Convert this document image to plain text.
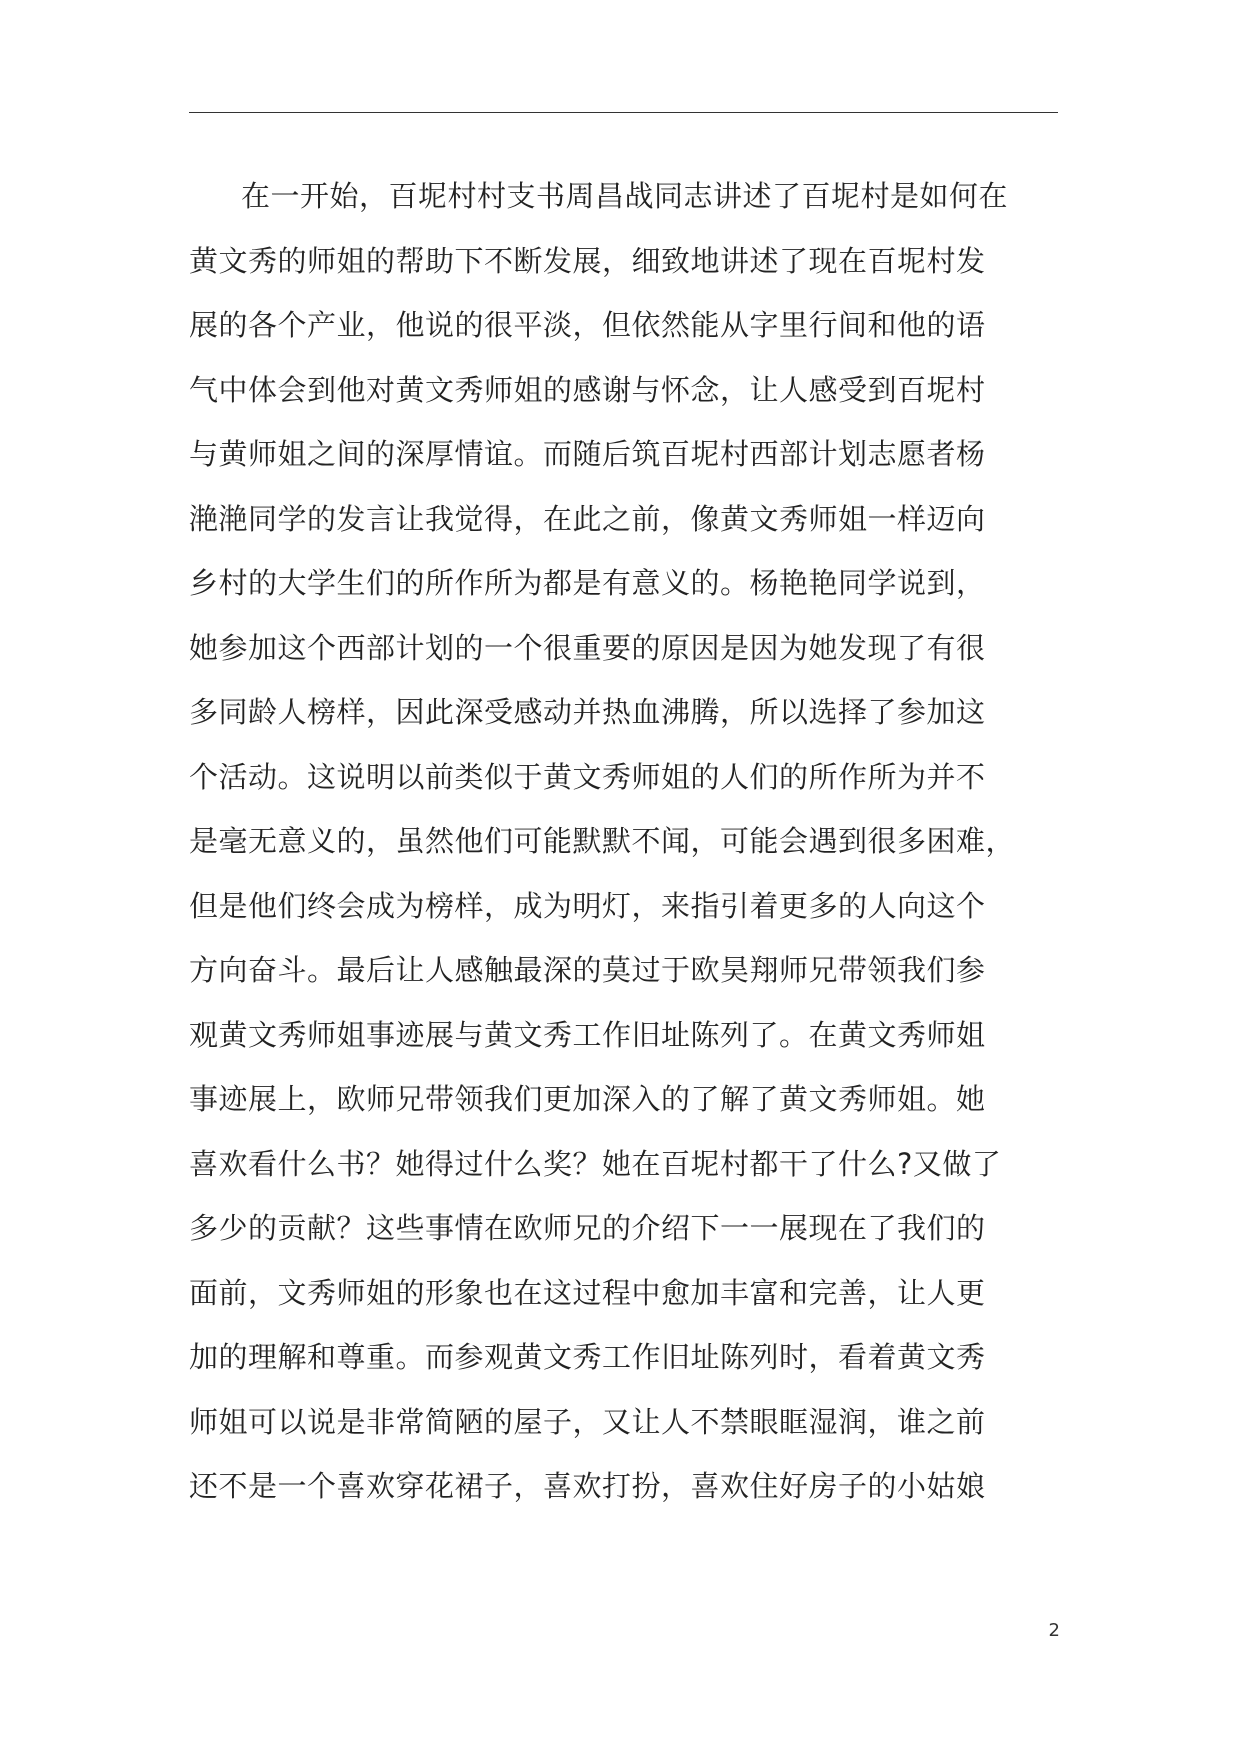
在一开始，百坭村村支书周昌战同志讲述了百坭村是如何在
黄文秀的师姐的帮助下不断发展，细致地讲述了现在百坭村发
展的各个产业，他说的很平淡，但依然能从字里行间和他的语
气中体会到他对黄文秀师姐的感谢与怀念，让人感受到百坭村
与黄师姐之间的深厚情谊。而随后筑百坭村西部计划志愿者杨
滟滟同学的发言让我觉得，在此之前，像黄文秀师姐一样迈向
乡村的大学生们的所作所为都是有意义的。杨艳艳同学说到，
她参加这个西部计划的一个很重要的原因是因为她发现了有很
多同龄人榜样，因此深受感动并热血沸腾，所以选择了参加这
个活动。这说明以前类似于黄文秀师姐的人们的所作所为并不
是毫无意义的，虽然他们可能默默不闻，可能会遇到很多困难，
但是他们终会成为榜样，成为明灯，来指引着更多的人向这个
方向奋斗。最后让人感触最深的莫过于欧昊翔师兄带领我们参
观黄文秀师姐事迹展与黄文秀工作旧址陈列了。在黄文秀师姐
事迹展上，欧师兄带领我们更加深入的了解了黄文秀师姐。她
喜欢看什么书？她得过什么奖？她在百坭村都干了什么?又做了
多少的贡献？这些事情在欧师兄的介绍下一一展现在了我们的
面前，文秀师姐的形象也在这过程中愈加丰富和完善，让人更
加的理解和尊重。而参观黄文秀工作旧址陈列时，看着黄文秀
师姐可以说是非常简陋的屋子，又让人不禁眼眶湿润，谁之前
还不是一个喜欢穿花裙子，喜欢打扮，喜欢住好房子的小姑娘
2
